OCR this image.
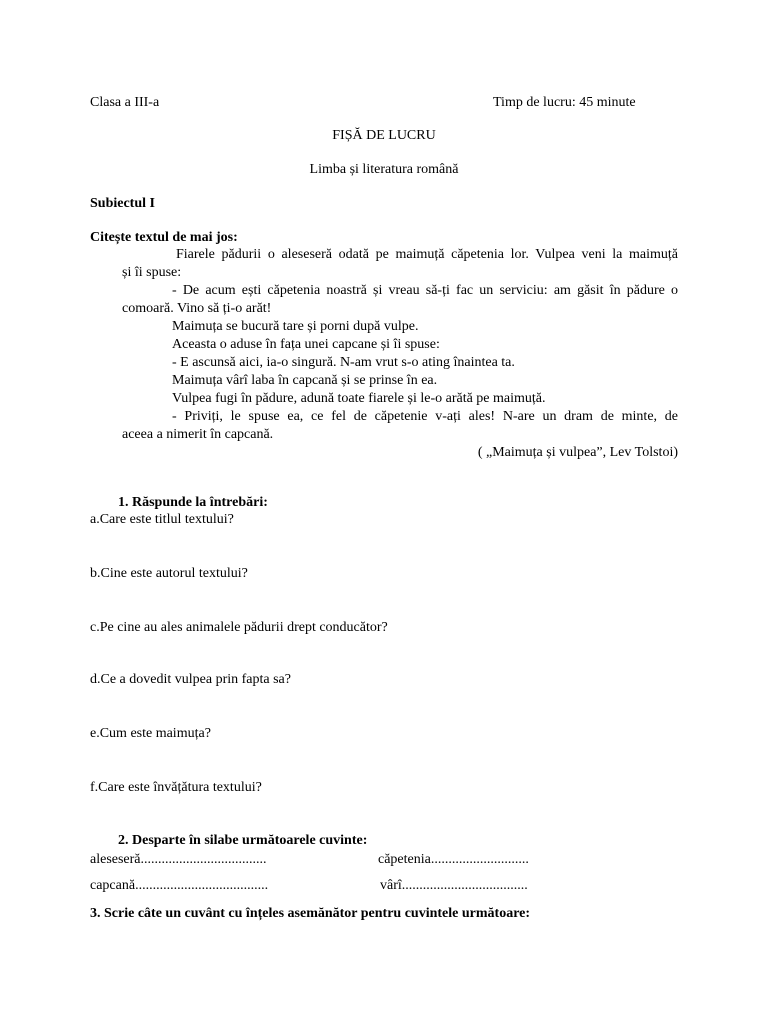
Clasa a III-a	Timp de lucru: 45 minute
FIȘĂ DE LUCRU
Limba și literatura română
Subiectul I
Citește textul de mai jos:
Fiarele pădurii o aleseseră odată pe maimuță căpetenia lor. Vulpea veni la maimuță
și îi spuse:
- De acum ești căpetenia noastră și vreau să-ți fac un serviciu: am găsit în pădure o
comoară. Vino să ți-o arăt!
Maimuța se bucură tare și porni după vulpe.
Aceasta o aduse în fața unei capcane și îi spuse:
- E ascunsă aici, ia-o singură. N-am vrut s-o ating înaintea ta.
Maimuța vârî laba în capcană și se prinse în ea.
Vulpea fugi în pădure, adună toate fiarele și le-o arătă pe maimuță.
- Priviți, le spuse ea, ce fel de căpetenie v-ați ales! N-are un dram de minte, de
aceea a nimerit în capcană.
( „Maimuța și vulpea”, Lev Tolstoi)
1. Răspunde la întrebări:
a.Care este titlul textului?
b.Cine este autorul textului?
c.Pe cine au ales animalele pădurii drept conducător?
d.Ce a dovedit vulpea prin fapta sa?
e.Cum este maimuța?
f.Care este învățătura textului?
2. Desparte în silabe următoarele cuvinte:
aleseseră....................................	căpetenia............................
capcană......................................	vârî....................................
3. Scrie câte un cuvânt cu înțeles asemănător pentru cuvintele următoare:
